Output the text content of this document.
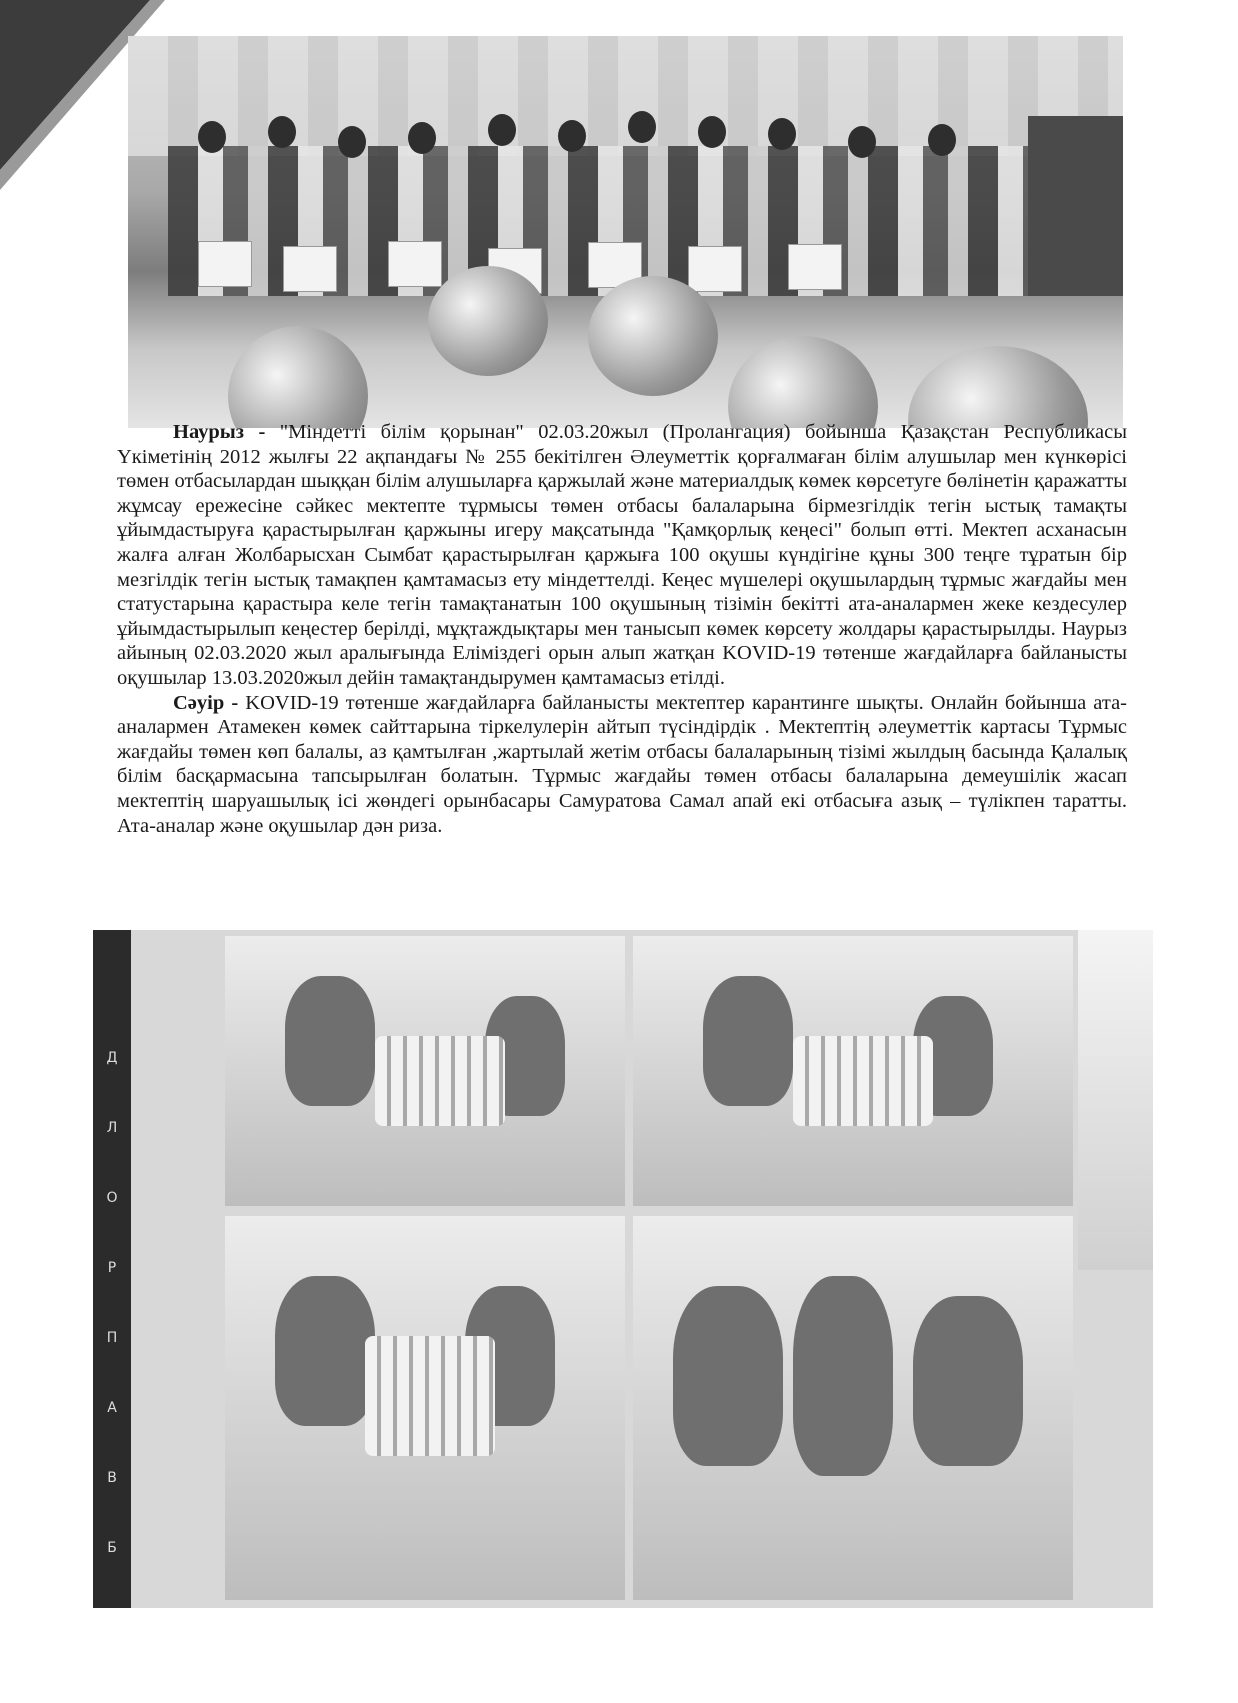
Наурыз - "Міндетті білім қорынан" 02.03.20жыл (Пролангация) бойынша Қазақстан Республикасы Үкіметінің 2012 жылғы 22 ақпандағы № 255 бекітілген Әлеуметтік қорғалмаған білім алушылар мен күнкөрісі төмен отбасылардан шыққан білім алушыларға қаржылай және материалдық көмек көрсетуге бөлінетін қаражатты жұмсау ережесіне сәйкес мектепте тұрмысы төмен отбасы балаларына бірмезгілдік тегін ыстық тамақты ұйымдастыруға қарастырылған қаржыны игеру мақсатында "Қамқорлық кеңесі" болып өтті. Мектеп асханасын жалға алған Жолбарысхан Сымбат қарастырылған қаржыға 100 оқушы күндігіне құны 300 теңге тұратын бір мезгілдік тегін ыстық тамақпен қамтамасыз ету міндеттелді. Кеңес мүшелері оқушылардың тұрмыс жағдайы мен статустарына қарастыра келе тегін тамақтанатын 100 оқушының тізімін бекітті ата-аналармен жеке кездесулер ұйымдастырылып кеңестер берілді, мұқтаждықтары мен танысып көмек көрсету жолдары қарастырылды. Наурыз айының 02.03.2020 жыл аралығында Еліміздегі орын алып жатқан KOVID-19 төтенше жағдайларға байланысты оқушылар 13.03.2020жыл дейін тамақтандырумен қамтамасыз етілді.

Сәуір - KOVID-19 төтенше жағдайларға байланысты мектептер карантинге шықты. Онлайн бойынша ата-аналармен Атамекен көмек сайттарына тіркелулерін айтып түсіндірдік . Мектептің әлеуметтік картасы Тұрмыс жағдайы төмен көп балалы, аз қамтылған ,жартылай жетім отбасы балаларының тізімі жылдың басында Қалалық білім басқармасына тапсырылған болатын. Тұрмыс жағдайы төмен отбасы балаларына демеушілік жасап мектептің шаруашылық ісі жөндегі орынбасары Самуратова Самал апай екі отбасыға азық – түлікпен таратты. Ата-аналар және оқушылар дән риза.

Б
В
А
П
Р
О
Л
Д
